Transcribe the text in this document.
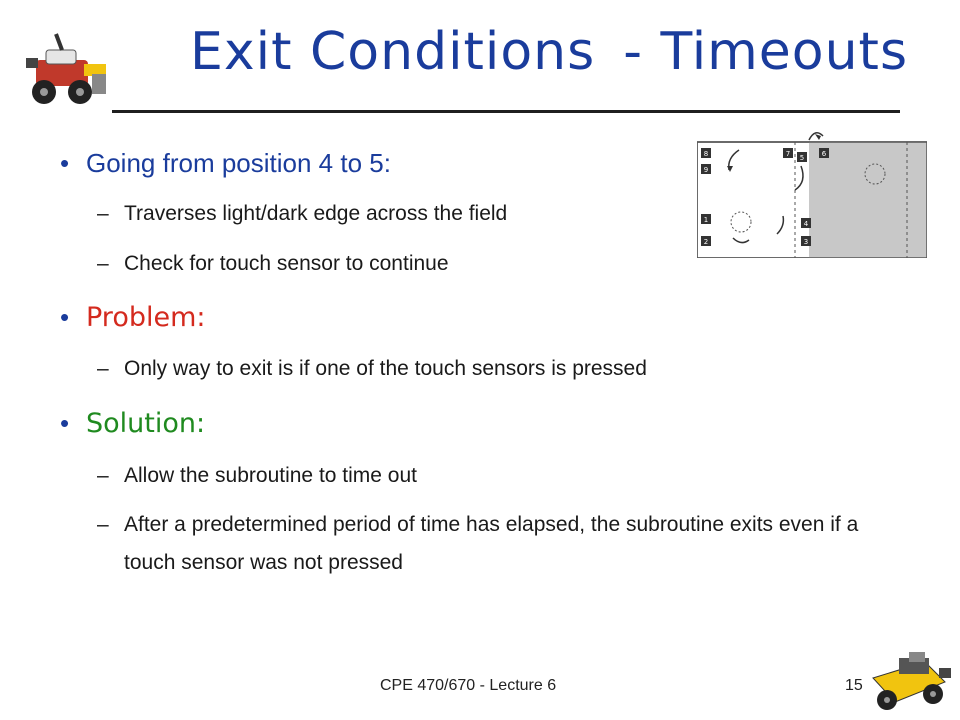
Exit Conditions - Timeouts
8
9
1
2
7 5	6
4
3
• Going from position 4 to 5:
– Traverses light/dark edge across the field
– Check for touch sensor to continue
• Problem:
– Only way to exit is if one of the touch sensors is pressed
• Solution:
– Allow the subroutine to time out
– After a predetermined period of time has elapsed, the subroutine exits even if a touch sensor was not pressed
CPE 470/670 - Lecture 6	15
